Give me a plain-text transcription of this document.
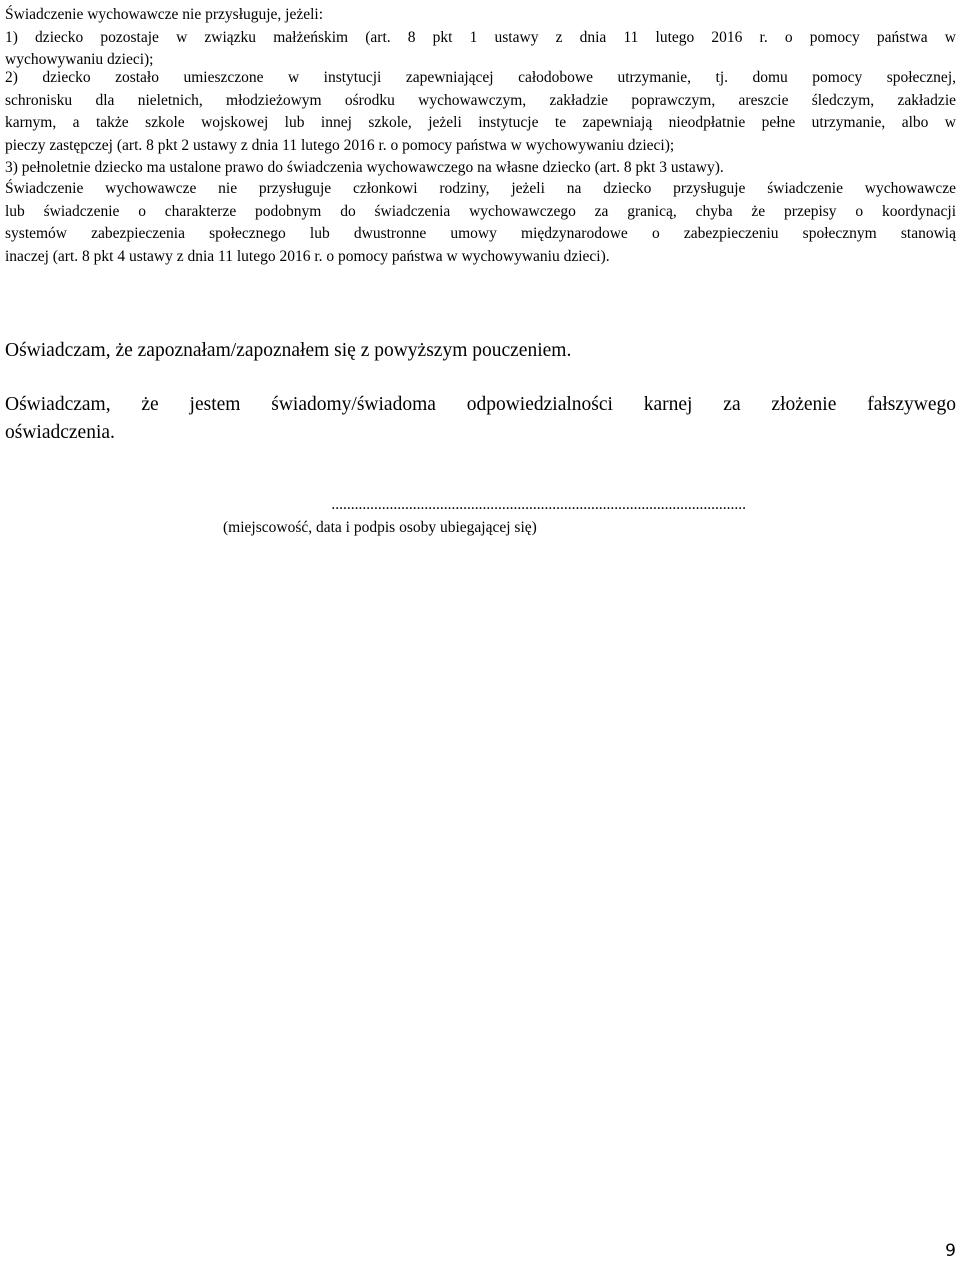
Świadczenie wychowawcze nie przysługuje, jeżeli:
1) dziecko pozostaje w związku małżeńskim (art. 8 pkt 1 ustawy z dnia 11 lutego 2016 r. o pomocy państwa w
wychowywaniu dzieci);
2) dziecko zostało umieszczone w instytucji zapewniającej całodobowe utrzymanie, tj. domu pomocy społecznej,
schronisku dla nieletnich, młodzieżowym ośrodku wychowawczym, zakładzie poprawczym, areszcie śledczym, zakładzie
karnym, a także szkole wojskowej lub innej szkole, jeżeli instytucje te zapewniają nieodpłatnie pełne utrzymanie, albo w
pieczy zastępczej (art. 8 pkt 2 ustawy z dnia 11 lutego 2016 r. o pomocy państwa w wychowywaniu dzieci);
3) pełnoletnie dziecko ma ustalone prawo do świadczenia wychowawczego na własne dziecko (art. 8 pkt 3 ustawy).
Świadczenie wychowawcze nie przysługuje członkowi rodziny, jeżeli na dziecko przysługuje świadczenie wychowawcze
lub świadczenie o charakterze podobnym do świadczenia wychowawczego za granicą, chyba że przepisy o koordynacji
systemów zabezpieczenia społecznego lub dwustronne umowy międzynarodowe o zabezpieczeniu społecznym stanowią
inaczej (art. 8 pkt 4 ustawy z dnia 11 lutego 2016 r. o pomocy państwa w wychowywaniu dzieci).
Oświadczam, że zapoznałam/zapoznałem się z powyższym pouczeniem.
Oświadczam, że jestem świadomy/świadoma odpowiedzialności karnej za złożenie fałszywego
oświadczenia.
...........................................................................................................
(miejscowość, data i podpis osoby ubiegającej się)
9
